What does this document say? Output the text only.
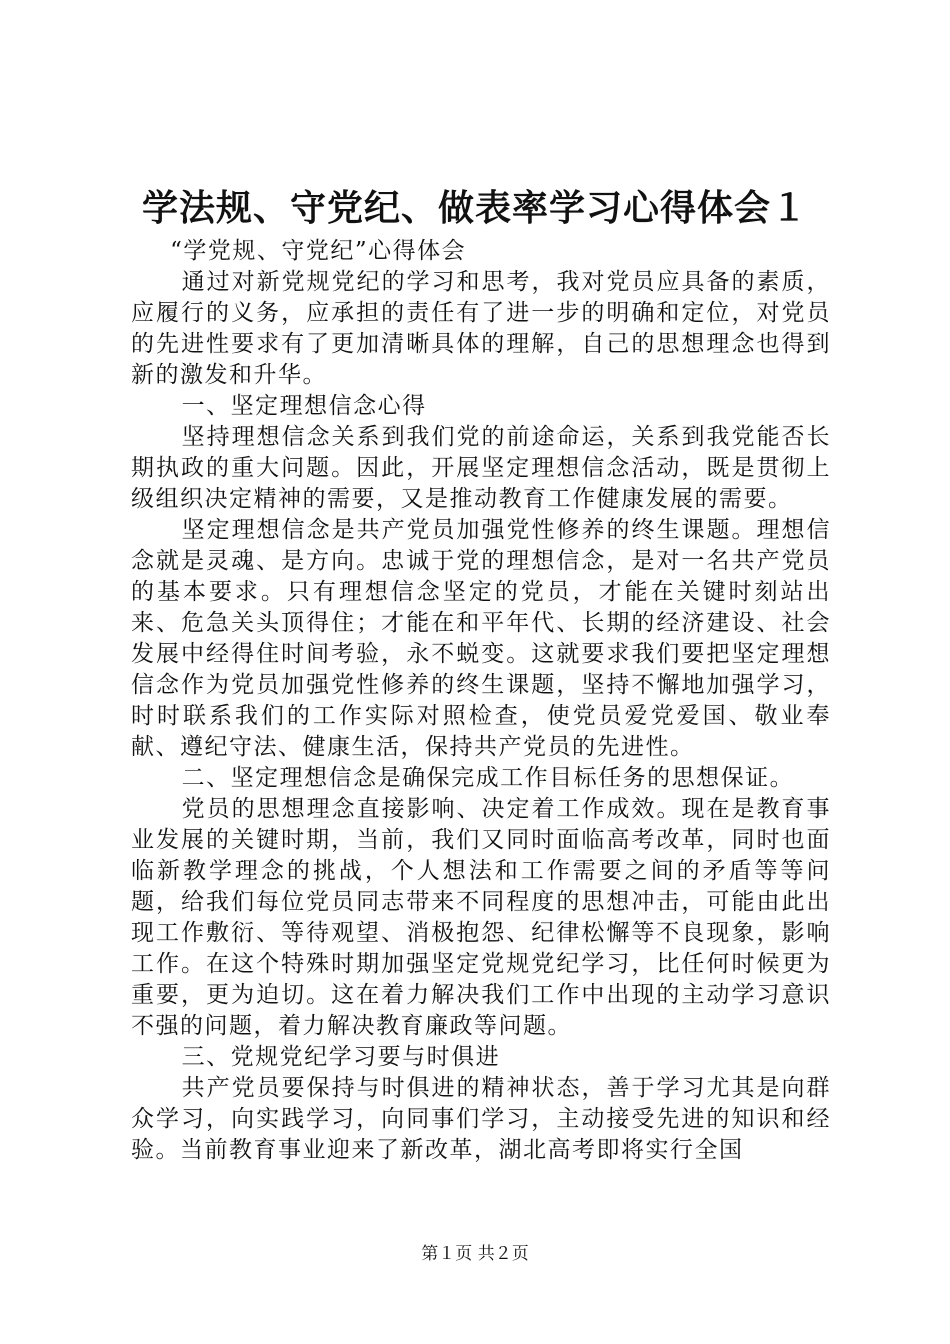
学法规、守党纪、做表率学习心得体会１

“学党规、守党纪”心得体会

通过对新党规党纪的学习和思考，我对党员应具备的素质，应履行的义务，应承担的责任有了进一步的明确和定位，对党员的先进性要求有了更加清晰具体的理解，自己的思想理念也得到新的激发和升华。

一、坚定理想信念心得

坚持理想信念关系到我们党的前途命运，关系到我党能否长期执政的重大问题。因此，开展坚定理想信念活动，既是贯彻上级组织决定精神的需要，又是推动教育工作健康发展的需要。

坚定理想信念是共产党员加强党性修养的终生课题。理想信念就是灵魂、是方向。忠诚于党的理想信念，是对一名共产党员的基本要求。只有理想信念坚定的党员，才能在关键时刻站出来、危急关头顶得住；才能在和平年代、长期的经济建设、社会发展中经得住时间考验，永不蜕变。这就要求我们要把坚定理想信念作为党员加强党性修养的终生课题，坚持不懈地加强学习，时时联系我们的工作实际对照检查，使党员爱党爱国、敬业奉献、遵纪守法、健康生活，保持共产党员的先进性。

二、坚定理想信念是确保完成工作目标任务的思想保证。

党员的思想理念直接影响、决定着工作成效。现在是教育事业发展的关键时期，当前，我们又同时面临高考改革，同时也面临新教学理念的挑战，个人想法和工作需要之间的矛盾等等问题，给我们每位党员同志带来不同程度的思想冲击，可能由此出现工作敷衍、等待观望、消极抱怨、纪律松懈等不良现象，影响工作。在这个特殊时期加强坚定党规党纪学习，比任何时候更为重要，更为迫切。这在着力解决我们工作中出现的主动学习意识不强的问题，着力解决教育廉政等问题。

三、党规党纪学习要与时俱进

共产党员要保持与时俱进的精神状态，善于学习尤其是向群众学习，向实践学习，向同事们学习，主动接受先进的知识和经验。当前教育事业迎来了新改革，湖北高考即将实行全国

第１页 共２页
